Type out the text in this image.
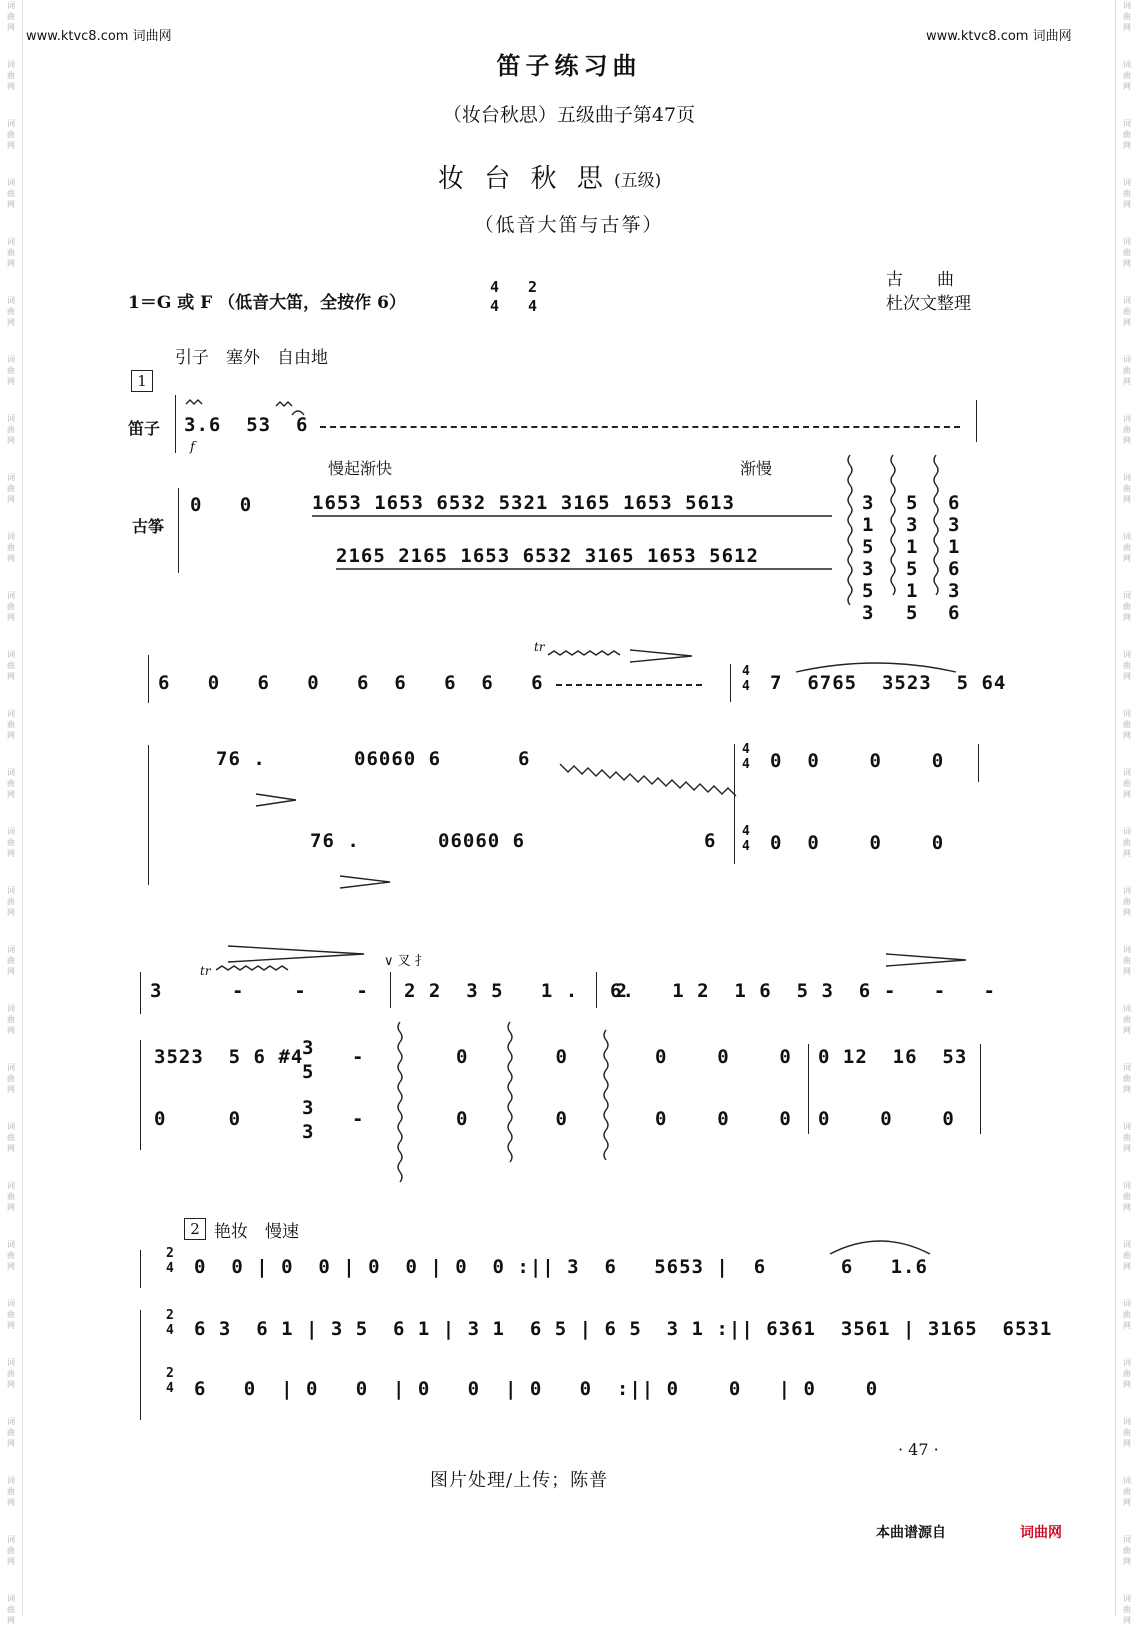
词
曲
网
词
曲
网
词
曲
网
词
曲
网
词
曲
网
词
曲
网
词
曲
网
词
曲
网
词
曲
网
词
曲
网
词
曲
网
词
曲
网
词
曲
网
词
曲
网
词
曲
网
词
曲
网
词
曲
网
词
曲
网
词
曲
网
词
曲
网
词
曲
网
词
曲
网
词
曲
网
词
曲
网
词
曲
网
词
曲
网
词
曲
网
词
曲
网
词
曲
网
词
曲
网
词
曲
网
词
曲
网
词
曲
网
词
曲
网
词
曲
网
词
曲
网
词
曲
网
词
曲
网
词
曲
网
词
曲
网
词
曲
网
词
曲
网
词
曲
网
词
曲
网
词
曲
网
词
曲
网
词
曲
网
词
曲
网
词
曲
网
词
曲
网
词
曲
网
词
曲
网
词
曲
网
词
曲
网
词
曲
网
词
曲
网
www.ktvc8.com 词曲网	www.ktvc8.com 词曲网
笛子练习曲
（妆台秋思）五级曲子第47页
妆 台 秋 思 (五级)
（低音大笛与古筝）
1＝G 或 F （低音大笛，全按作 6）
4
4
2
4
古　　曲
杜次文整理
引子　塞外　自由地
1
笛子
古筝
3.6  53  6
f
慢起渐快	渐慢
0   0	1653 1653 6532 5321 3165 1653 5613
2165 2165 1653 6532 3165 1653 5612

3
1
5
3
5
3

5
3
1
5
1
5

6
3
1
6
3
6

tr
6   0   6   0   6  6   6  6   6
4
4 7  6765  3523  5 64
76 .	06060 6	6	4
4 0  0    0    0
76 .	06060 6	6 4
4 0  0    0    0
3
tr
-    -    -
∨ 叉 扌
2 2  3 5   1 .   2
6.   1 2  1 6  5 3  6 -   -   -
3523  5 6 #4
3
5
-	0       0       0    0    0 0 12  16  53
0     0	3
3
-	0       0       0    0    0 0    0    0
2 艳妆　慢速
2
4 0  0 | 0  0 | 0  0 | 0  0 :|| 3  6   5653 |  6      6   1.6
2
4 6 3  6 1 | 3 5  6 1 | 3 1  6 5 | 6 5  3 1 :|| 6361  3561 | 3165  6531
2
4 6   0  | 0   0  | 0   0  | 0   0  :|| 0    0   | 0    0
· 47 ·
图片处理/上传；陈普
本曲谱源自	词曲网
